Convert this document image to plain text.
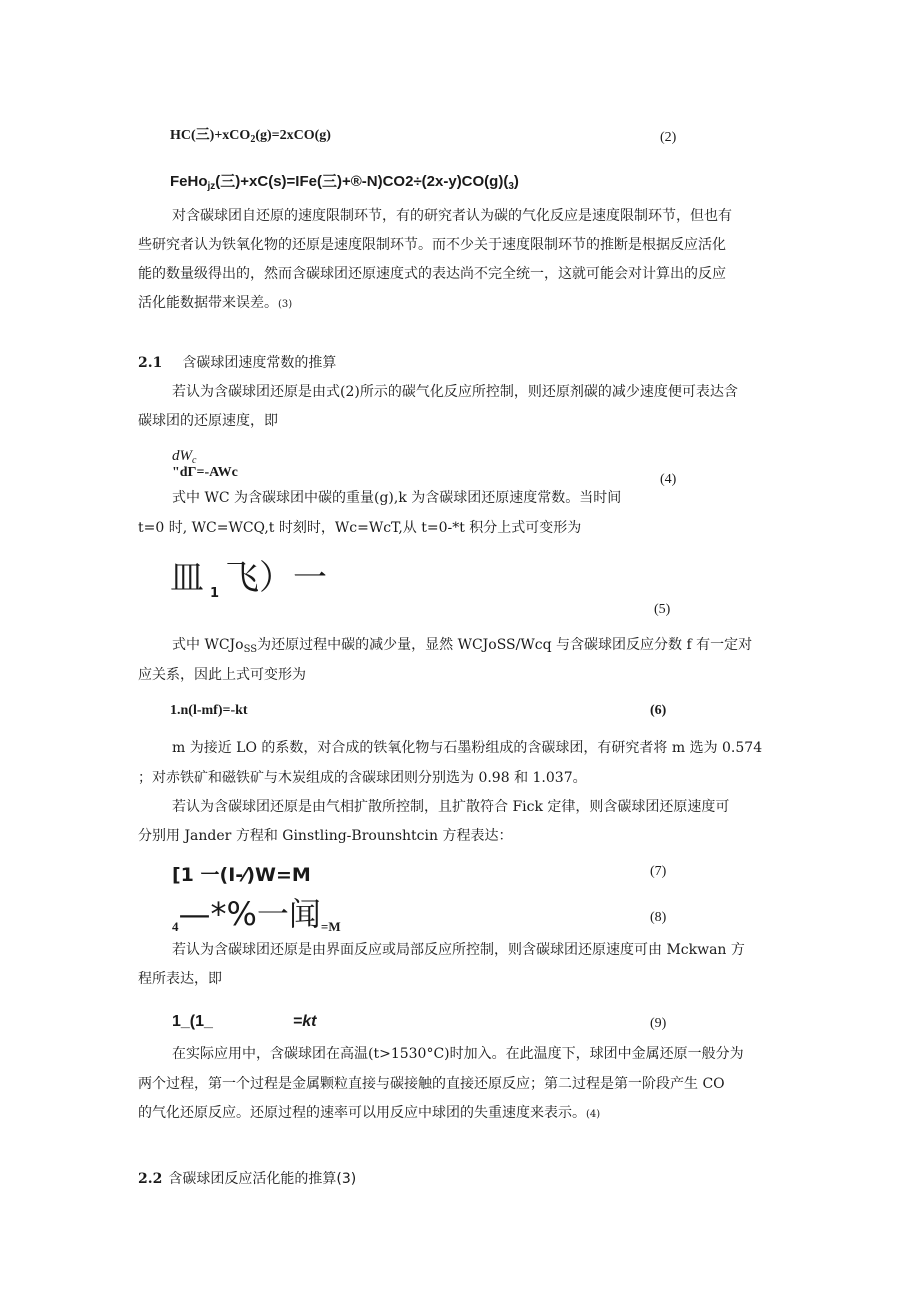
HC(三)+xCO$_2$(g)=2xCO(g)	(2)
FeHo$_{jz}$(三)+xC(s)=IFe(三)$+®-N)CO2\div(2x-y)CO(g)(_3)$
对含碳球团自还原的速度限制环节，有的研究者认为碳的气化反应是速度限制环节，但也有
些研究者认为铁氧化物的还原是速度限制环节。而不少关于速度限制环节的推断是根据反应活化
能的数量级得出的，然而含碳球团还原速度式的表达尚不完全统一，这就可能会对计算出的反应
活化能数据带来误差。(3)
2.1 含碳球团速度常数的推算
若认为含碳球团还原是由式(2)所示的碳气化反应所控制，则还原剂碳的减少速度便可表达含
碳球团的还原速度，即
$dW_c$
"dΓ=-AWc	(4)
式中 WC 为含碳球团中碳的重量(g),k 为含碳球团还原速度常数。当时间
t=0 时, WC=WCQ,t 时刻时，Wc=WcT,从 t=0-*t 积分上式可变形为
皿 $_1$ 飞）一
(5)
式中 WCJo$_{SS}$为还原过程中碳的减少量，显然 WCJoSS/Wcq 与含碳球团反应分数 f 有一定对
应关系，因此上式可变形为
1.n(l-mf)=-kt	(6)
m 为接近 LO 的系数，对合成的铁氧化物与石墨粉组成的含碳球团，有研究者将 m 选为 0.574
；对赤铁矿和磁铁矿与木炭组成的含碳球团则分别选为 0.98 和 1.037。
若认为含碳球团还原是由气相扩散所控制，且扩散符合 Fick 定律，则含碳球团还原速度可
分别用 Jander 方程和 Ginstling-Brounshtcin 方程表达：
[1 一(I-⁄)W=M	(7)
$_4$—*%一闻$_{=M}$
(8)
若认为含碳球团还原是由界面反应或局部反应所控制，则含碳球团还原速度可由 Mckwan 方
程所表达，即
1_(1_	=kt	(9)
在实际应用中，含碳球团在高温(t>1530°C)时加入。在此温度下，球团中金属还原一般分为
两个过程，第一个过程是金属颗粒直接与碳接触的直接还原反应；第二过程是第一阶段产生 CO
的气化还原反应。还原过程的速率可以用反应中球团的失重速度来表示。(4)
2.2 含碳球团反应活化能的推算(3)
